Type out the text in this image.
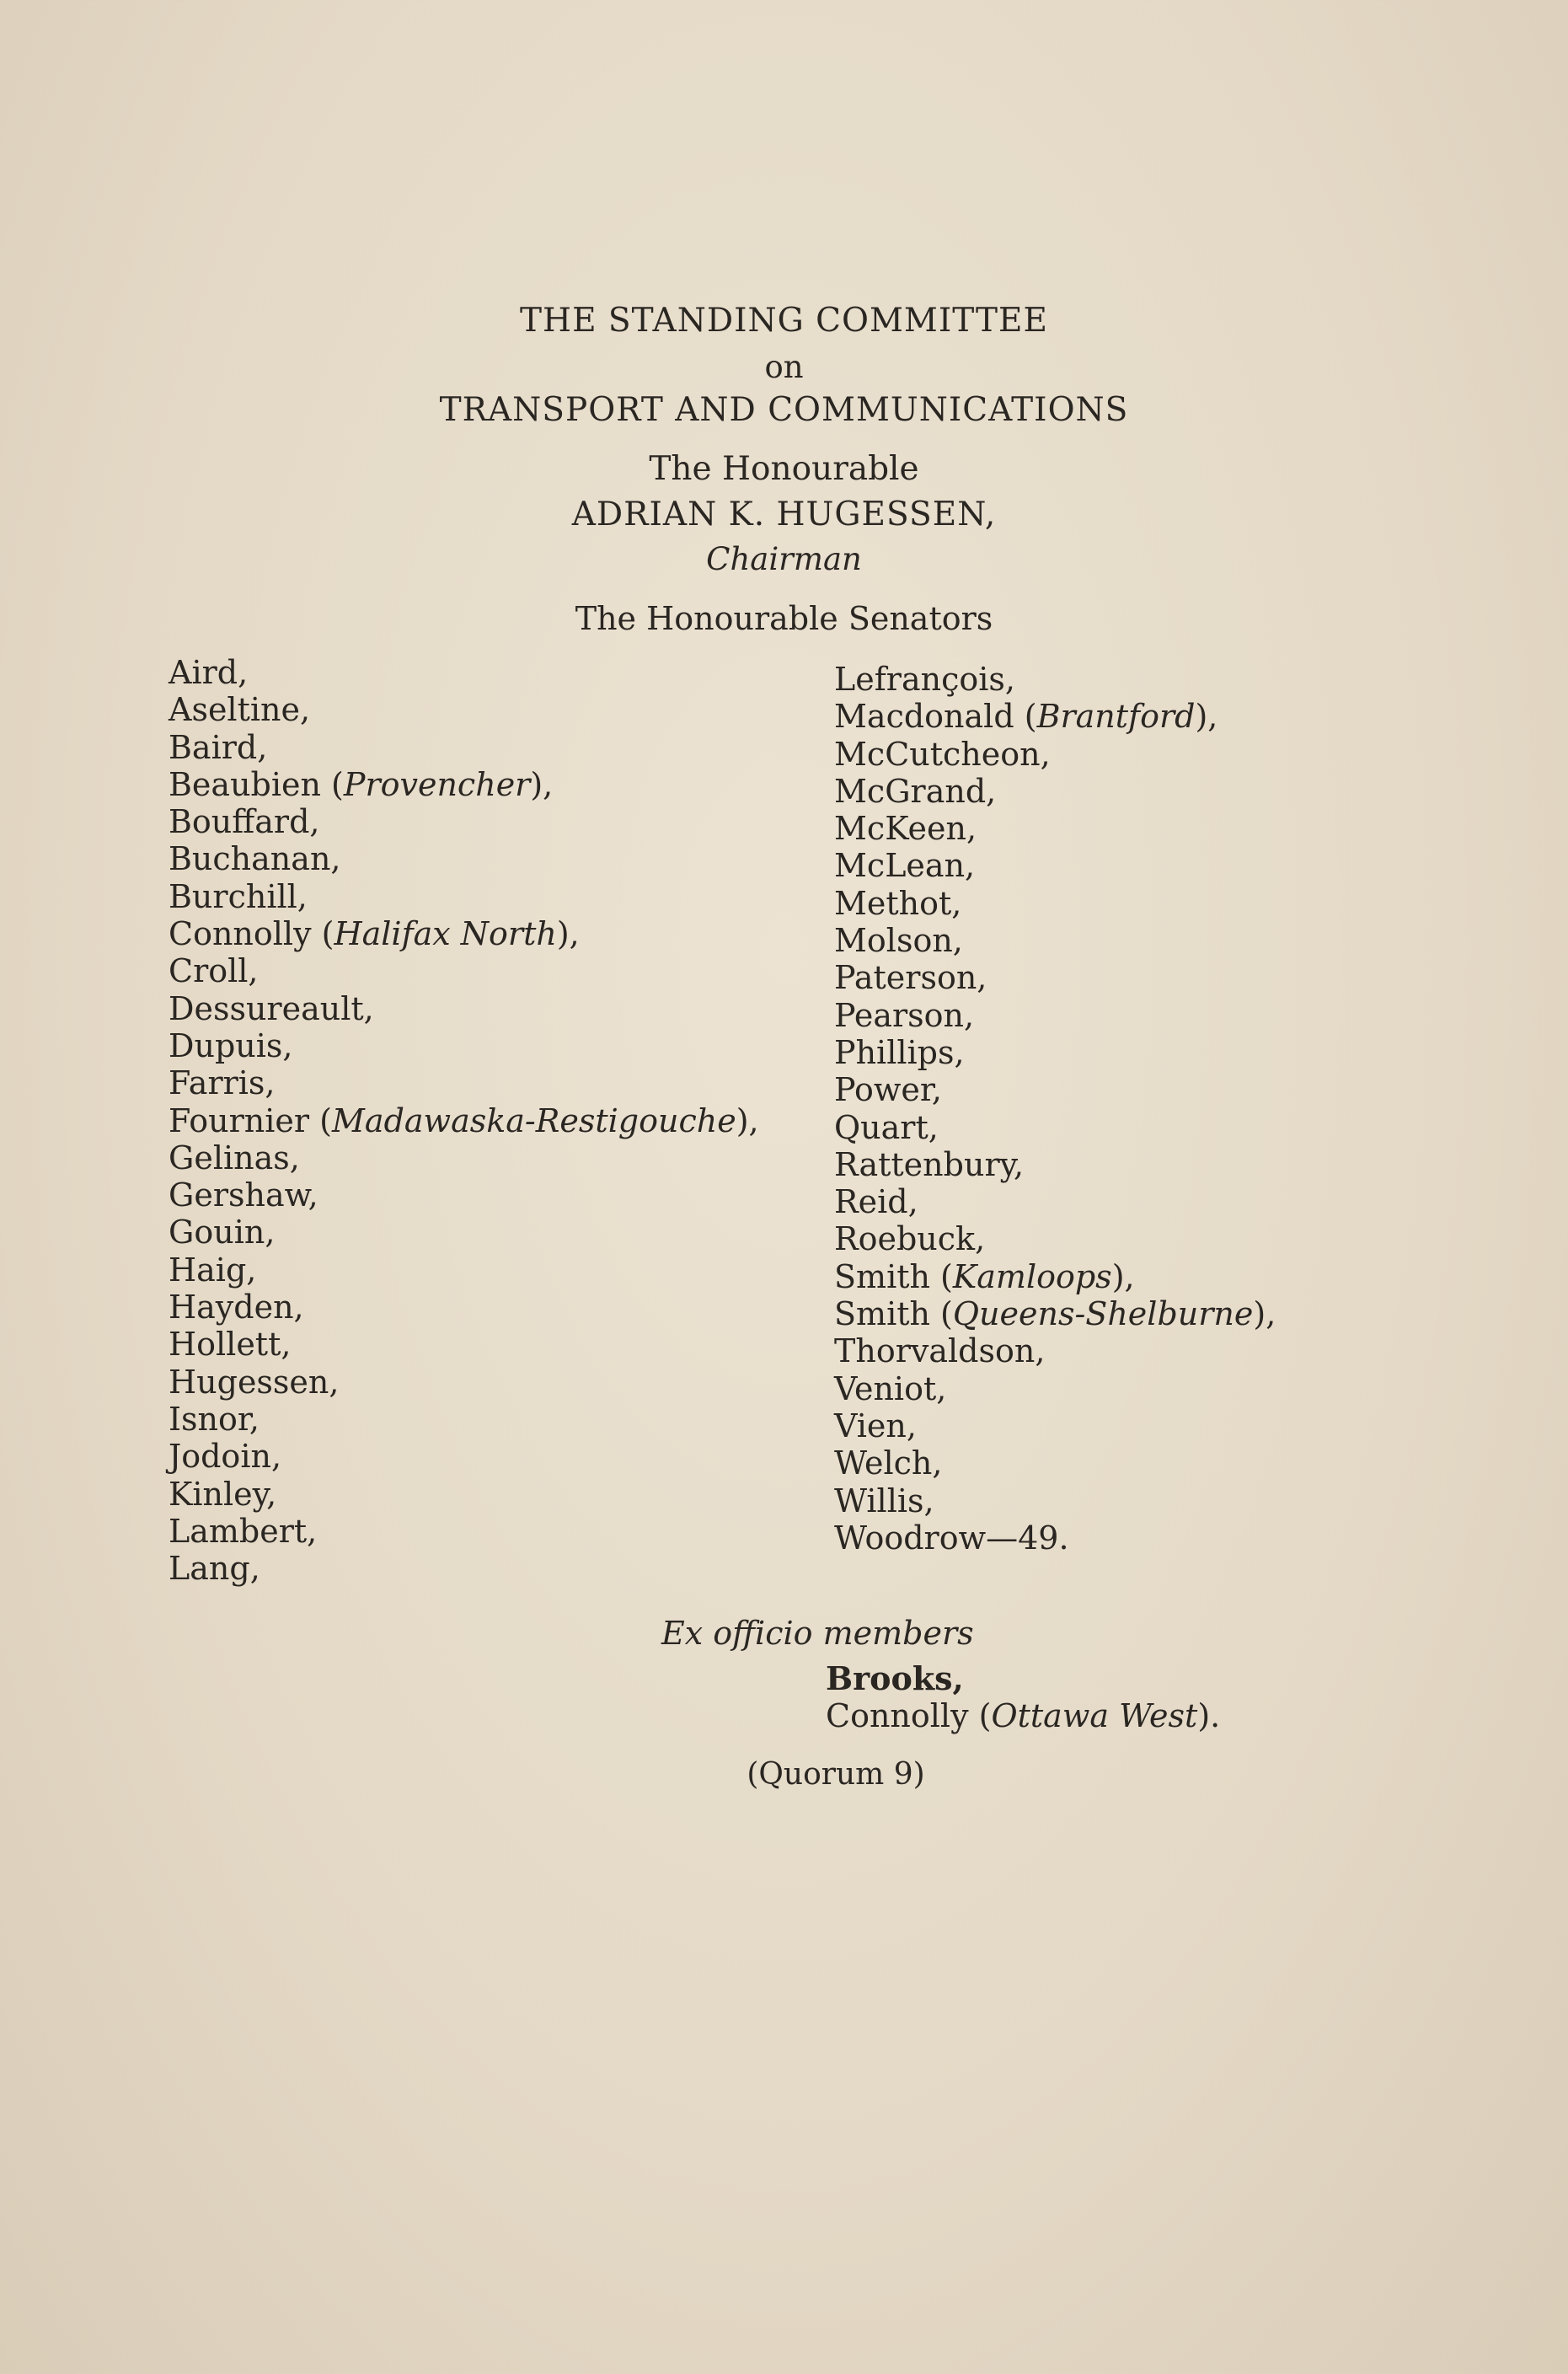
THE STANDING COMMITTEE
on
TRANSPORT AND COMMUNICATIONS
The Honourable
ADRIAN K. HUGESSEN,
Chairman
The Honourable Senators
Aird,
Aseltine,
Baird,
Beaubien (Provencher),
Bouffard,
Buchanan,
Burchill,
Connolly (Halifax North),
Croll,
Dessureault,
Dupuis,
Farris,
Fournier (Madawaska-Restigouche),
Gelinas,
Gershaw,
Gouin,
Haig,
Hayden,
Hollett,
Hugessen,
Isnor,
Jodoin,
Kinley,
Lambert,
Lang,
Lefrançois,
Macdonald (Brantford),
McCutcheon,
McGrand,
McKeen,
McLean,
Methot,
Molson,
Paterson,
Pearson,
Phillips,
Power,
Quart,
Rattenbury,
Reid,
Roebuck,
Smith (Kamloops),
Smith (Queens-Shelburne),
Thorvaldson,
Veniot,
Vien,
Welch,
Willis,
Woodrow—49.
Ex officio members
Brooks,
Connolly (Ottawa West).
(Quorum 9)
